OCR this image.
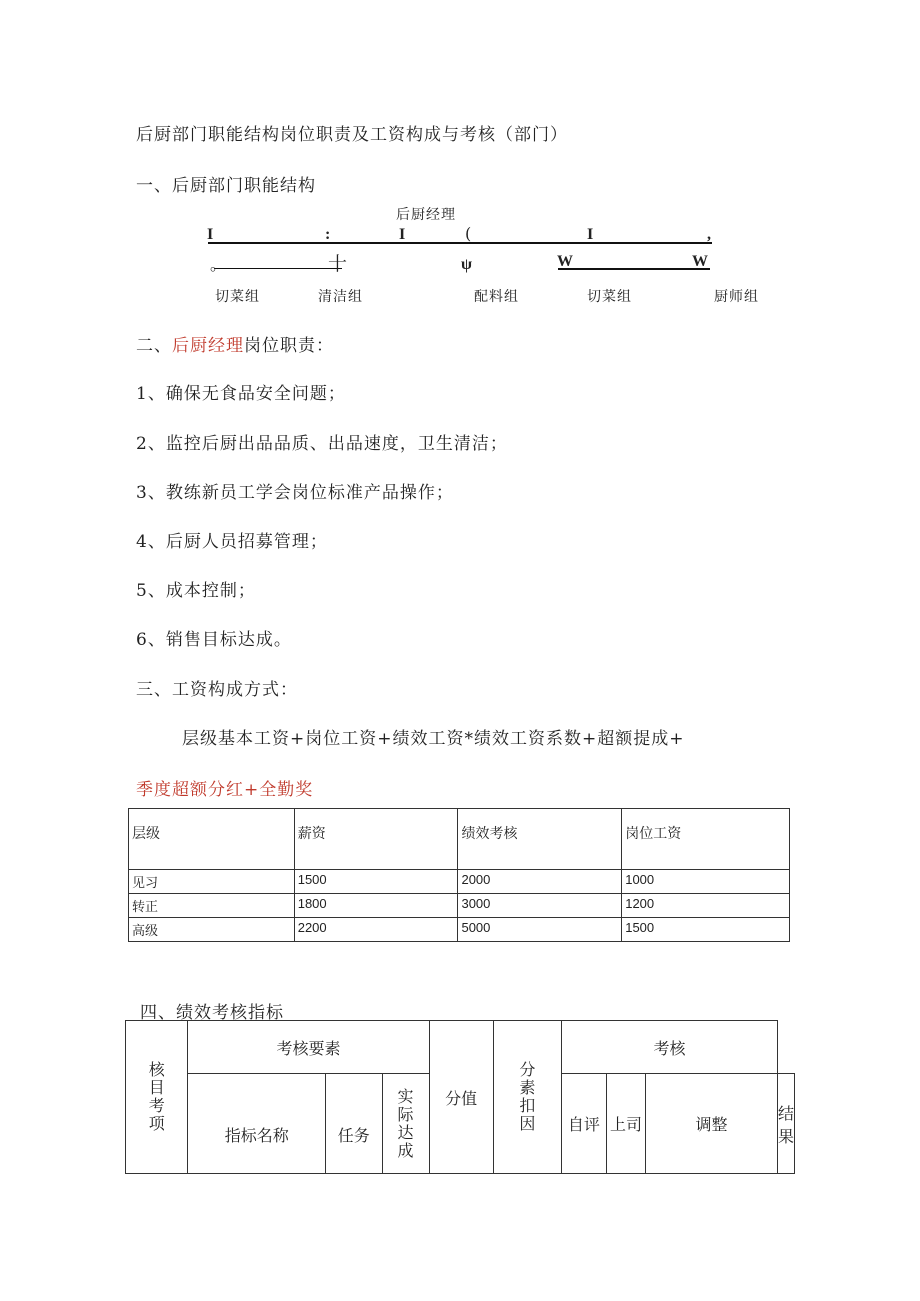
后厨部门职能结构岗位职责及工资构成与考核（部门）
一、后厨部门职能结构
后厨经理
I	:	I	(	I	,
。	十	ψ	W	W
切菜组	清洁组	配料组	切菜组	厨师组
二、后厨经理岗位职责：
1、确保无食品安全问题；
2、监控后厨出品品质、出品速度，卫生清洁；
3、教练新员工学会岗位标准产品操作；
4、后厨人员招募管理；
5、成本控制；
6、销售目标达成。
三、工资构成方式：
层级基本工资+岗位工资+绩效工资*绩效工资系数+超额提成+
季度超额分红+全勤奖
层级	薪资	绩效考核	岗位工资
见习	1500	2000	1000
转正	1800	3000	1200
高级	2200	5000	1500
四、绩效考核指标
核目考项	考核要素			分值	分素扣因	考核			
	指标名称	任务	实际达成			自评	上司	调整	结果
